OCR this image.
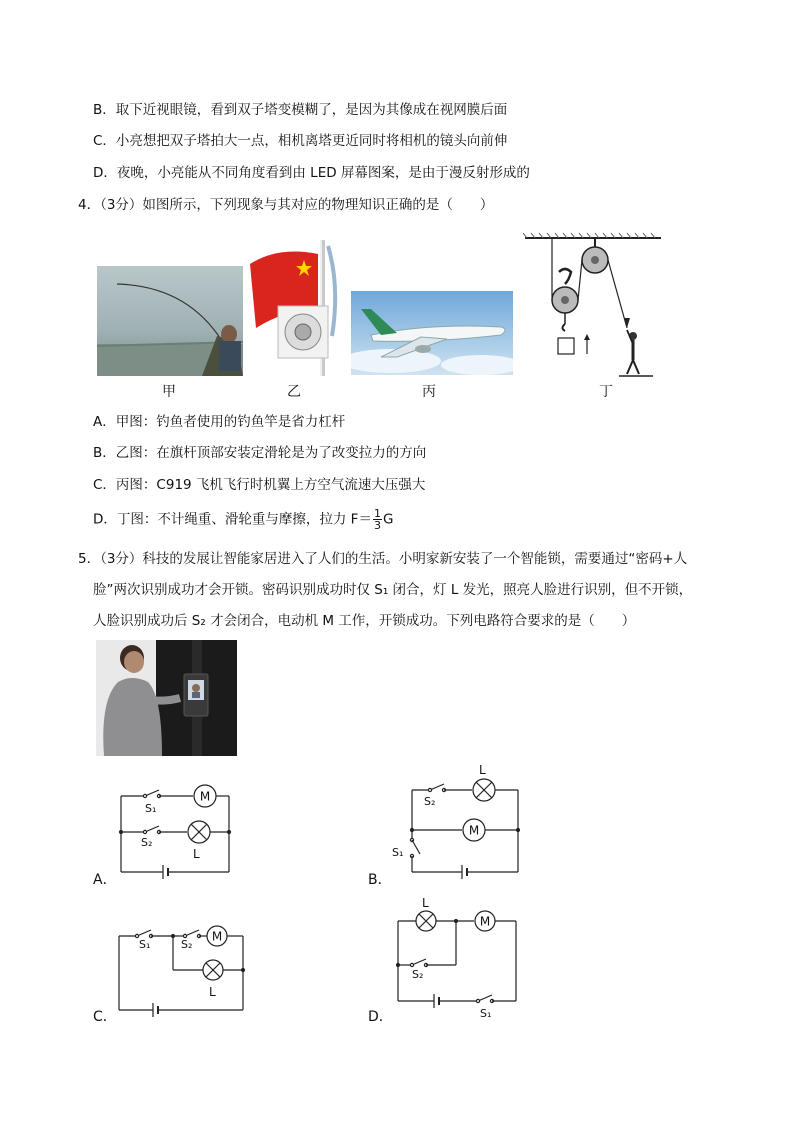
B．取下近视眼镜，看到双子塔变模糊了，是因为其像成在视网膜后面
C．小亮想把双子塔拍大一点，相机离塔更近同时将相机的镜头向前伸
D．夜晚，小亮能从不同角度看到由 LED 屏幕图案，是由于漫反射形成的
4．（3分）如图所示，下列现象与其对应的物理知识正确的是（　　）
甲	乙	丙	丁
A．甲图：钓鱼者使用的钓鱼竿是省力杠杆
B．乙图：在旗杆顶部安装定滑轮是为了改变拉力的方向
C．丙图：C919 飞机飞行时机翼上方空气流速大压强大
D．丁图：不计绳重、滑轮重与摩擦，拉力 $F= \frac{1}{3}$ G
5．（3分）科技的发展让智能家居进入了人们的生活。小明家新安装了一个智能锁，需要通过“密码+人
脸”两次识别成功才会开锁。密码识别成功时仅 S₁ 闭合，灯 L 发光，照亮人脸进行识别，但不开锁，
人脸识别成功后 S₂ 才会闭合，电动机 M 工作，开锁成功。下列电路符合要求的是（　　）
M
S₁
S₂
L
A．
L
M
S₂
S₁
B．
M
S₁	S₂
L
C．
L
M
S₂
S₁
D．
